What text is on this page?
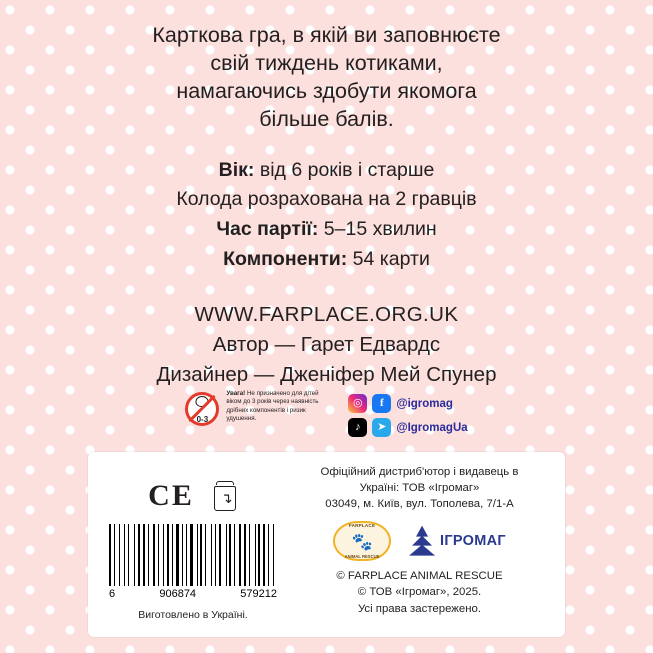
Карткова гра, в якій ви заповнюєте
свій тиждень котиками,
намагаючись здобути якомога
більше балів.
Вік: від 6 років і старше
Колода розрахована на 2 гравців
Час партії: 5–15 хвилин
Компоненти: 54 карти
WWW.FARPLACE.ORG.UK
Автор — Гарет Едвардс
Дизайнер — Дженіфер Мей Спунер
0-3
Увага! Не призначено для дітей віком до 3 років через наявність дрібних компонентів і ризик удушення.
◎	f	@igromag
♪	➤ @IgromagUa
CE ↴
6	906874	579212
Виготовлено в Україні.
Офіційний дистриб'ютор і видавець в
Україні: ТОВ «Ігромаг»
03049, м. Київ, вул. Тополева, 7/1-А
FARPLACE
🐾
ANIMAL RESCUE
ІГРОМАГ
© FARPLACE ANIMAL RESCUE
© ТОВ «Ігромаг», 2025.
Усі права застережено.
